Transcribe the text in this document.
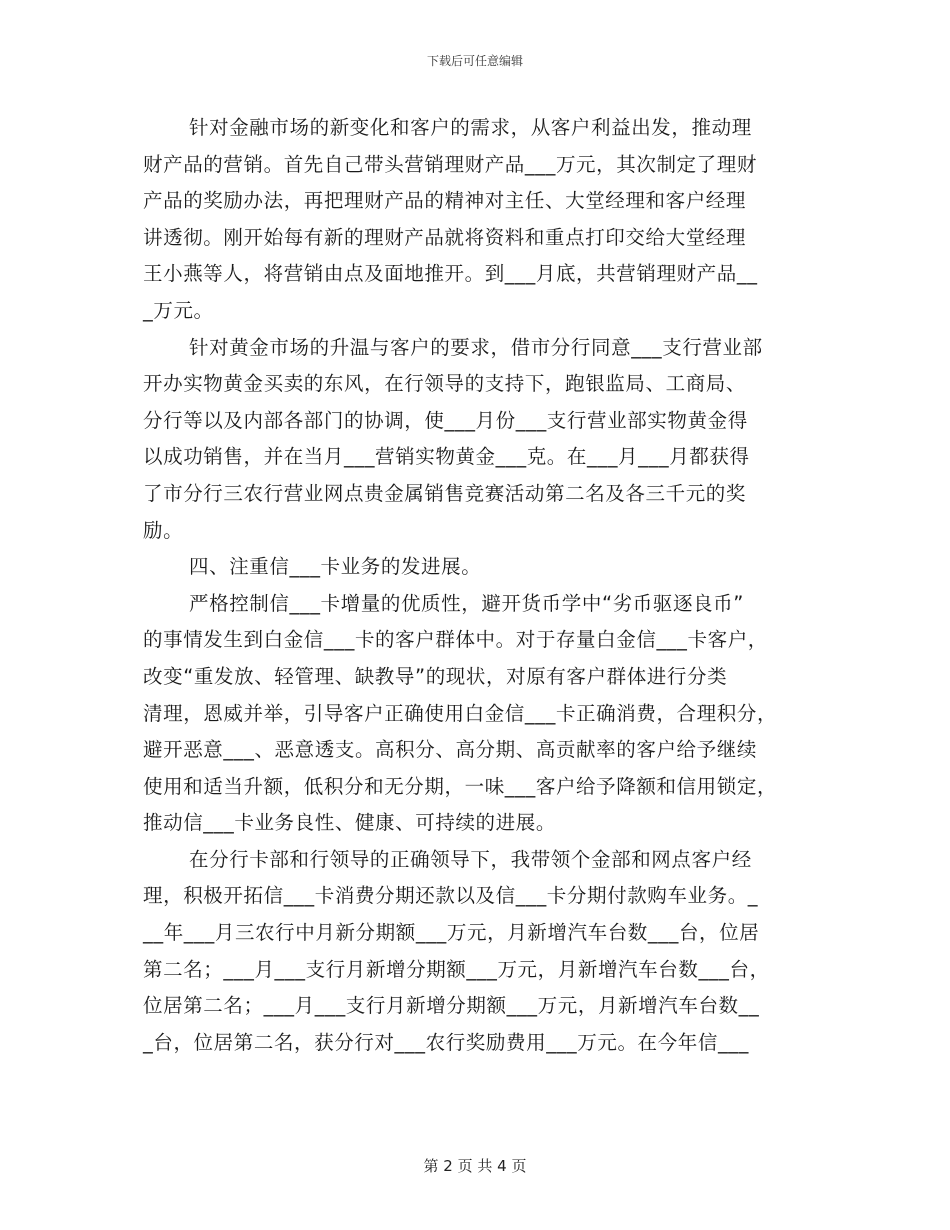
下载后可任意编辑
针对金融市场的新变化和客户的需求，从客户利益出发，推动理
财产品的营销。首先自己带头营销理财产品___万元，其次制定了理财
产品的奖励办法，再把理财产品的精神对主任、大堂经理和客户经理
讲透彻。刚开始每有新的理财产品就将资料和重点打印交给大堂经理
王小燕等人，将营销由点及面地推开。到___月底，共营销理财产品__
_万元。
针对黄金市场的升温与客户的要求，借市分行同意___支行营业部
开办实物黄金买卖的东风，在行领导的支持下，跑银监局、工商局、
分行等以及内部各部门的协调，使___月份___支行营业部实物黄金得
以成功销售，并在当月___营销实物黄金___克。在___月___月都获得
了市分行三农行营业网点贵金属销售竞赛活动第二名及各三千元的奖
励。
四、注重信___卡业务的发进展。
严格控制信___卡增量的优质性，避开货币学中“劣币驱逐良币”
的事情发生到白金信___卡的客户群体中。对于存量白金信___卡客户，
改变“重发放、轻管理、缺教导”的现状，对原有客户群体进行分类
清理，恩威并举，引导客户正确使用白金信___卡正确消费，合理积分，
避开恶意___、恶意透支。高积分、高分期、高贡献率的客户给予继续
使用和适当升额，低积分和无分期，一味___客户给予降额和信用锁定，
推动信___卡业务良性、健康、可持续的进展。
在分行卡部和行领导的正确领导下，我带领个金部和网点客户经
理，积极开拓信___卡消费分期还款以及信___卡分期付款购车业务。_
__年___月三农行中月新分期额___万元，月新增汽车台数___台，位居
第二名；___月___支行月新增分期额___万元，月新增汽车台数___台，
位居第二名；___月___支行月新增分期额___万元，月新增汽车台数__
_台，位居第二名，获分行对___农行奖励费用___万元。在今年信___
第 2 页 共 4 页
